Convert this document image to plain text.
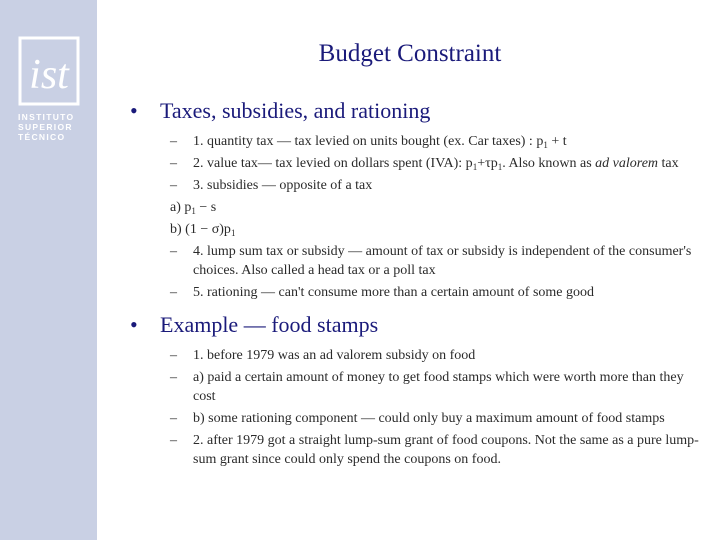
ist
INSTITUTO
SUPERIOR
TÉCNICO
Budget Constraint
• Taxes, subsidies, and rationing
– 1. quantity tax — tax levied on units bought (ex. Car taxes) : $p_1 + t$
– 2. value tax— tax levied on dollars spent (IVA): $p_1+\tau p_1$. Also known as ad valorem tax
– 3. subsidies — opposite of a tax
a) $p_1 - s$
b) $(1 - \sigma)p_1$
– 4. lump sum tax or subsidy — amount of tax or subsidy is independent of the consumer's choices. Also called a head tax or a poll tax
– 5. rationing — can't consume more than a certain amount of some good
• Example — food stamps
– 1. before 1979 was an ad valorem subsidy on food
– a) paid a certain amount of money to get food stamps which were worth more than they cost
– b) some rationing component — could only buy a maximum amount of food stamps
– 2. after 1979 got a straight lump-sum grant of food coupons. Not the same as a pure lump-sum grant since could only spend the coupons on food.
